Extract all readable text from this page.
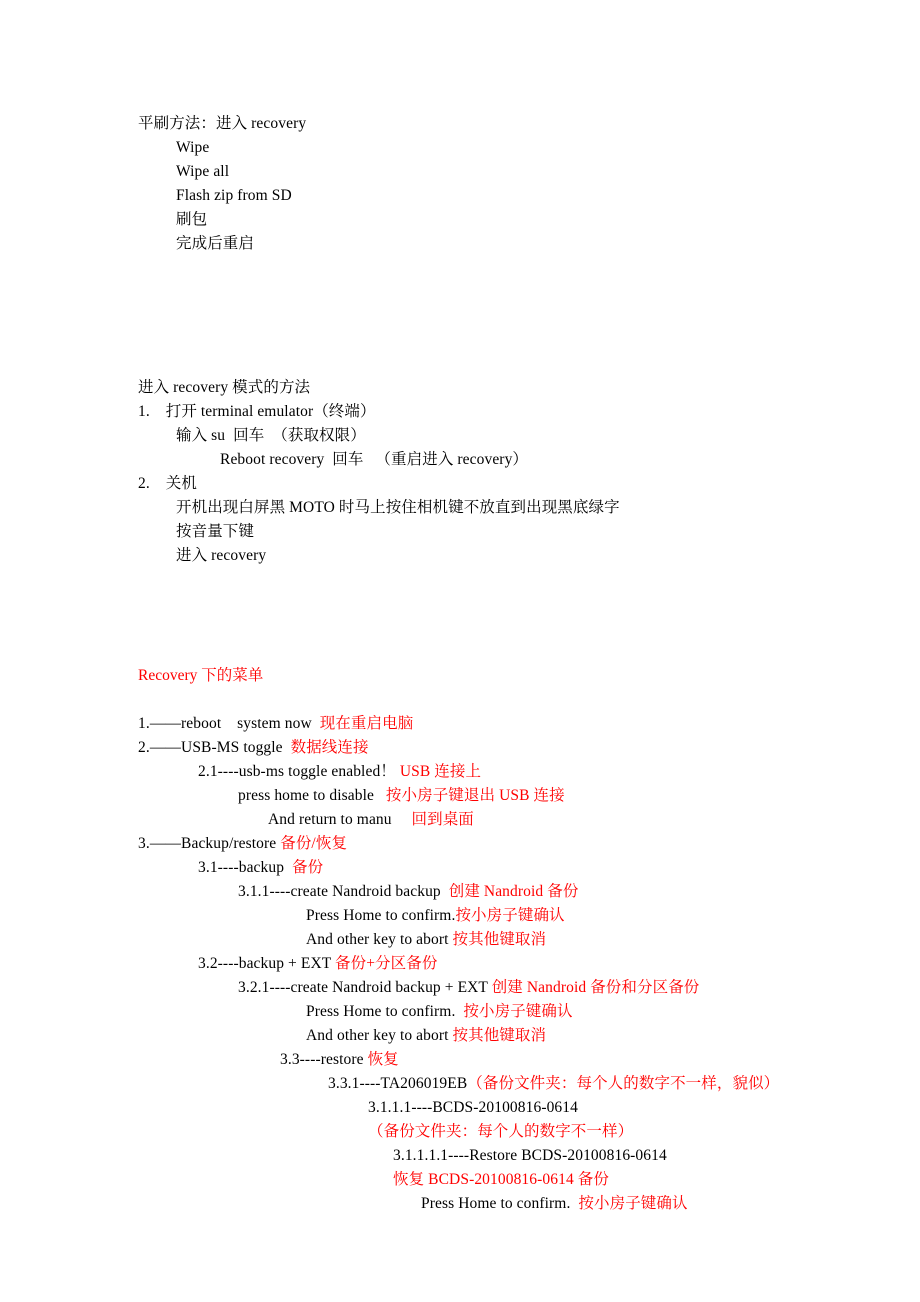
平刷方法：进入 recovery
Wipe
Wipe all
Flash zip from SD
刷包
完成后重启
进入 recovery 模式的方法
1.    打开 terminal emulator（终端）
输入 su  回车  （获取权限）
Reboot recovery  回车   （重启进入 recovery）
2.    关机
开机出现白屏黑 MOTO 时马上按住相机键不放直到出现黑底绿字
按音量下键
进入 recovery
Recovery 下的菜单
1.——reboot    system now  现在重启电脑
2.——USB-MS toggle  数据线连接
2.1----usb-ms toggle enabled！ USB 连接上
press home to disable   按小房子键退出 USB 连接
And return to manu     回到桌面
3.——Backup/restore 备份/恢复
3.1----backup  备份
3.1.1----create Nandroid backup  创建 Nandroid 备份
Press Home to confirm.按小房子键确认
And other key to abort 按其他键取消
3.2----backup + EXT 备份+分区备份
3.2.1----create Nandroid backup + EXT 创建 Nandroid 备份和分区备份
Press Home to confirm.  按小房子键确认
And other key to abort 按其他键取消
3.3----restore 恢复
3.3.1----TA206019EB（备份文件夹：每个人的数字不一样，貌似）
3.1.1.1----BCDS-20100816-0614（备份文件夹：每个人的数字不一样）
3.1.1.1.1----Restore BCDS-20100816-0614
恢复 BCDS-20100816-0614 备份
Press Home to confirm.  按小房子键确认
